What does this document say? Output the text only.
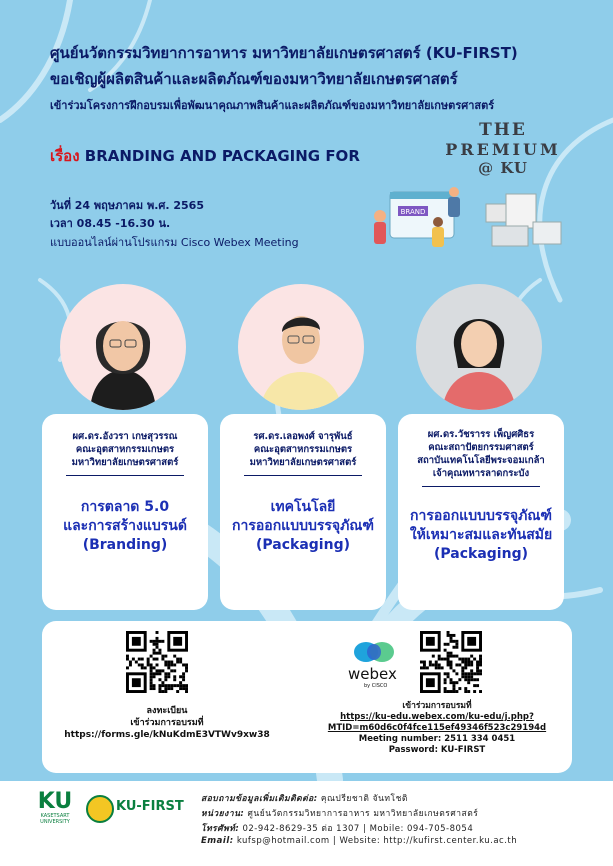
ศูนย์นวัตกรรมวิทยาการอาหาร มหาวิทยาลัยเกษตรศาสตร์ (KU-FIRST)
ขอเชิญผู้ผลิตสินค้าและผลิตภัณฑ์ของมหาวิทยาลัยเกษตรศาสตร์
เข้าร่วมโครงการฝึกอบรมเพื่อพัฒนาคุณภาพสินค้าและผลิตภัณฑ์ของมหาวิทยาลัยเกษตรศาสตร์
เรื่อง BRANDING AND PACKAGING FOR
THE
PREMIUM
@ KU
วันที่ 24 พฤษภาคม พ.ศ. 2565
เวลา 08.45 -16.30 น.
แบบออนไลน์ผ่านโปรแกรม Cisco Webex Meeting
BRAND
ผศ.ดร.อังวรา เกษสุวรรณ
คณะอุตสาหกรรมเกษตร
มหาวิทยาลัยเกษตรศาสตร์
การตลาด 5.0
และการสร้างแบรนด์
(Branding)
รศ.ดร.เลอพงศ์ จารุพันธ์
คณะอุตสาหกรรมเกษตร
มหาวิทยาลัยเกษตรศาสตร์
เทคโนโลยี
การออกแบบบรรจุภัณฑ์
(Packaging)
ผศ.ดร.วัชรารร เพ็ญศศิธร
คณะสถาปัตยกรรมศาสตร์
สถาบันเทคโนโลยีพระจอมเกล้า
เจ้าคุณทหารลาดกระบัง
การออกแบบบรรจุภัณฑ์
ให้เหมาะสมและทันสมัย
(Packaging)
ลงทะเบียน
เข้าร่วมการอบรมที่
https://forms.gle/kNuKdmE3VTWv9xw38
webex
by CISCO
เข้าร่วมการอบรมที่
https://ku-edu.webex.com/ku-edu/j.php?
MTID=m60d6c0f4fce115ef49346f523c29194d
Meeting number: 2511 334 0451
Password: KU-FIRST
KU
KASETSART
UNIVERSITY
KU-FIRST สอบถามข้อมูลเพิ่มเติมติดต่อ: คุณปรียชาติ จันทโชติ
หน่วยงาน: ศูนย์นวัตกรรมวิทยาการอาหาร มหาวิทยาลัยเกษตรศาสตร์
โทรศัพท์: 02-942-8629-35 ต่อ 1307 | Mobile: 094-705-8054
Email: kufsp@hotmail.com | Website: http://kufirst.center.ku.ac.th
